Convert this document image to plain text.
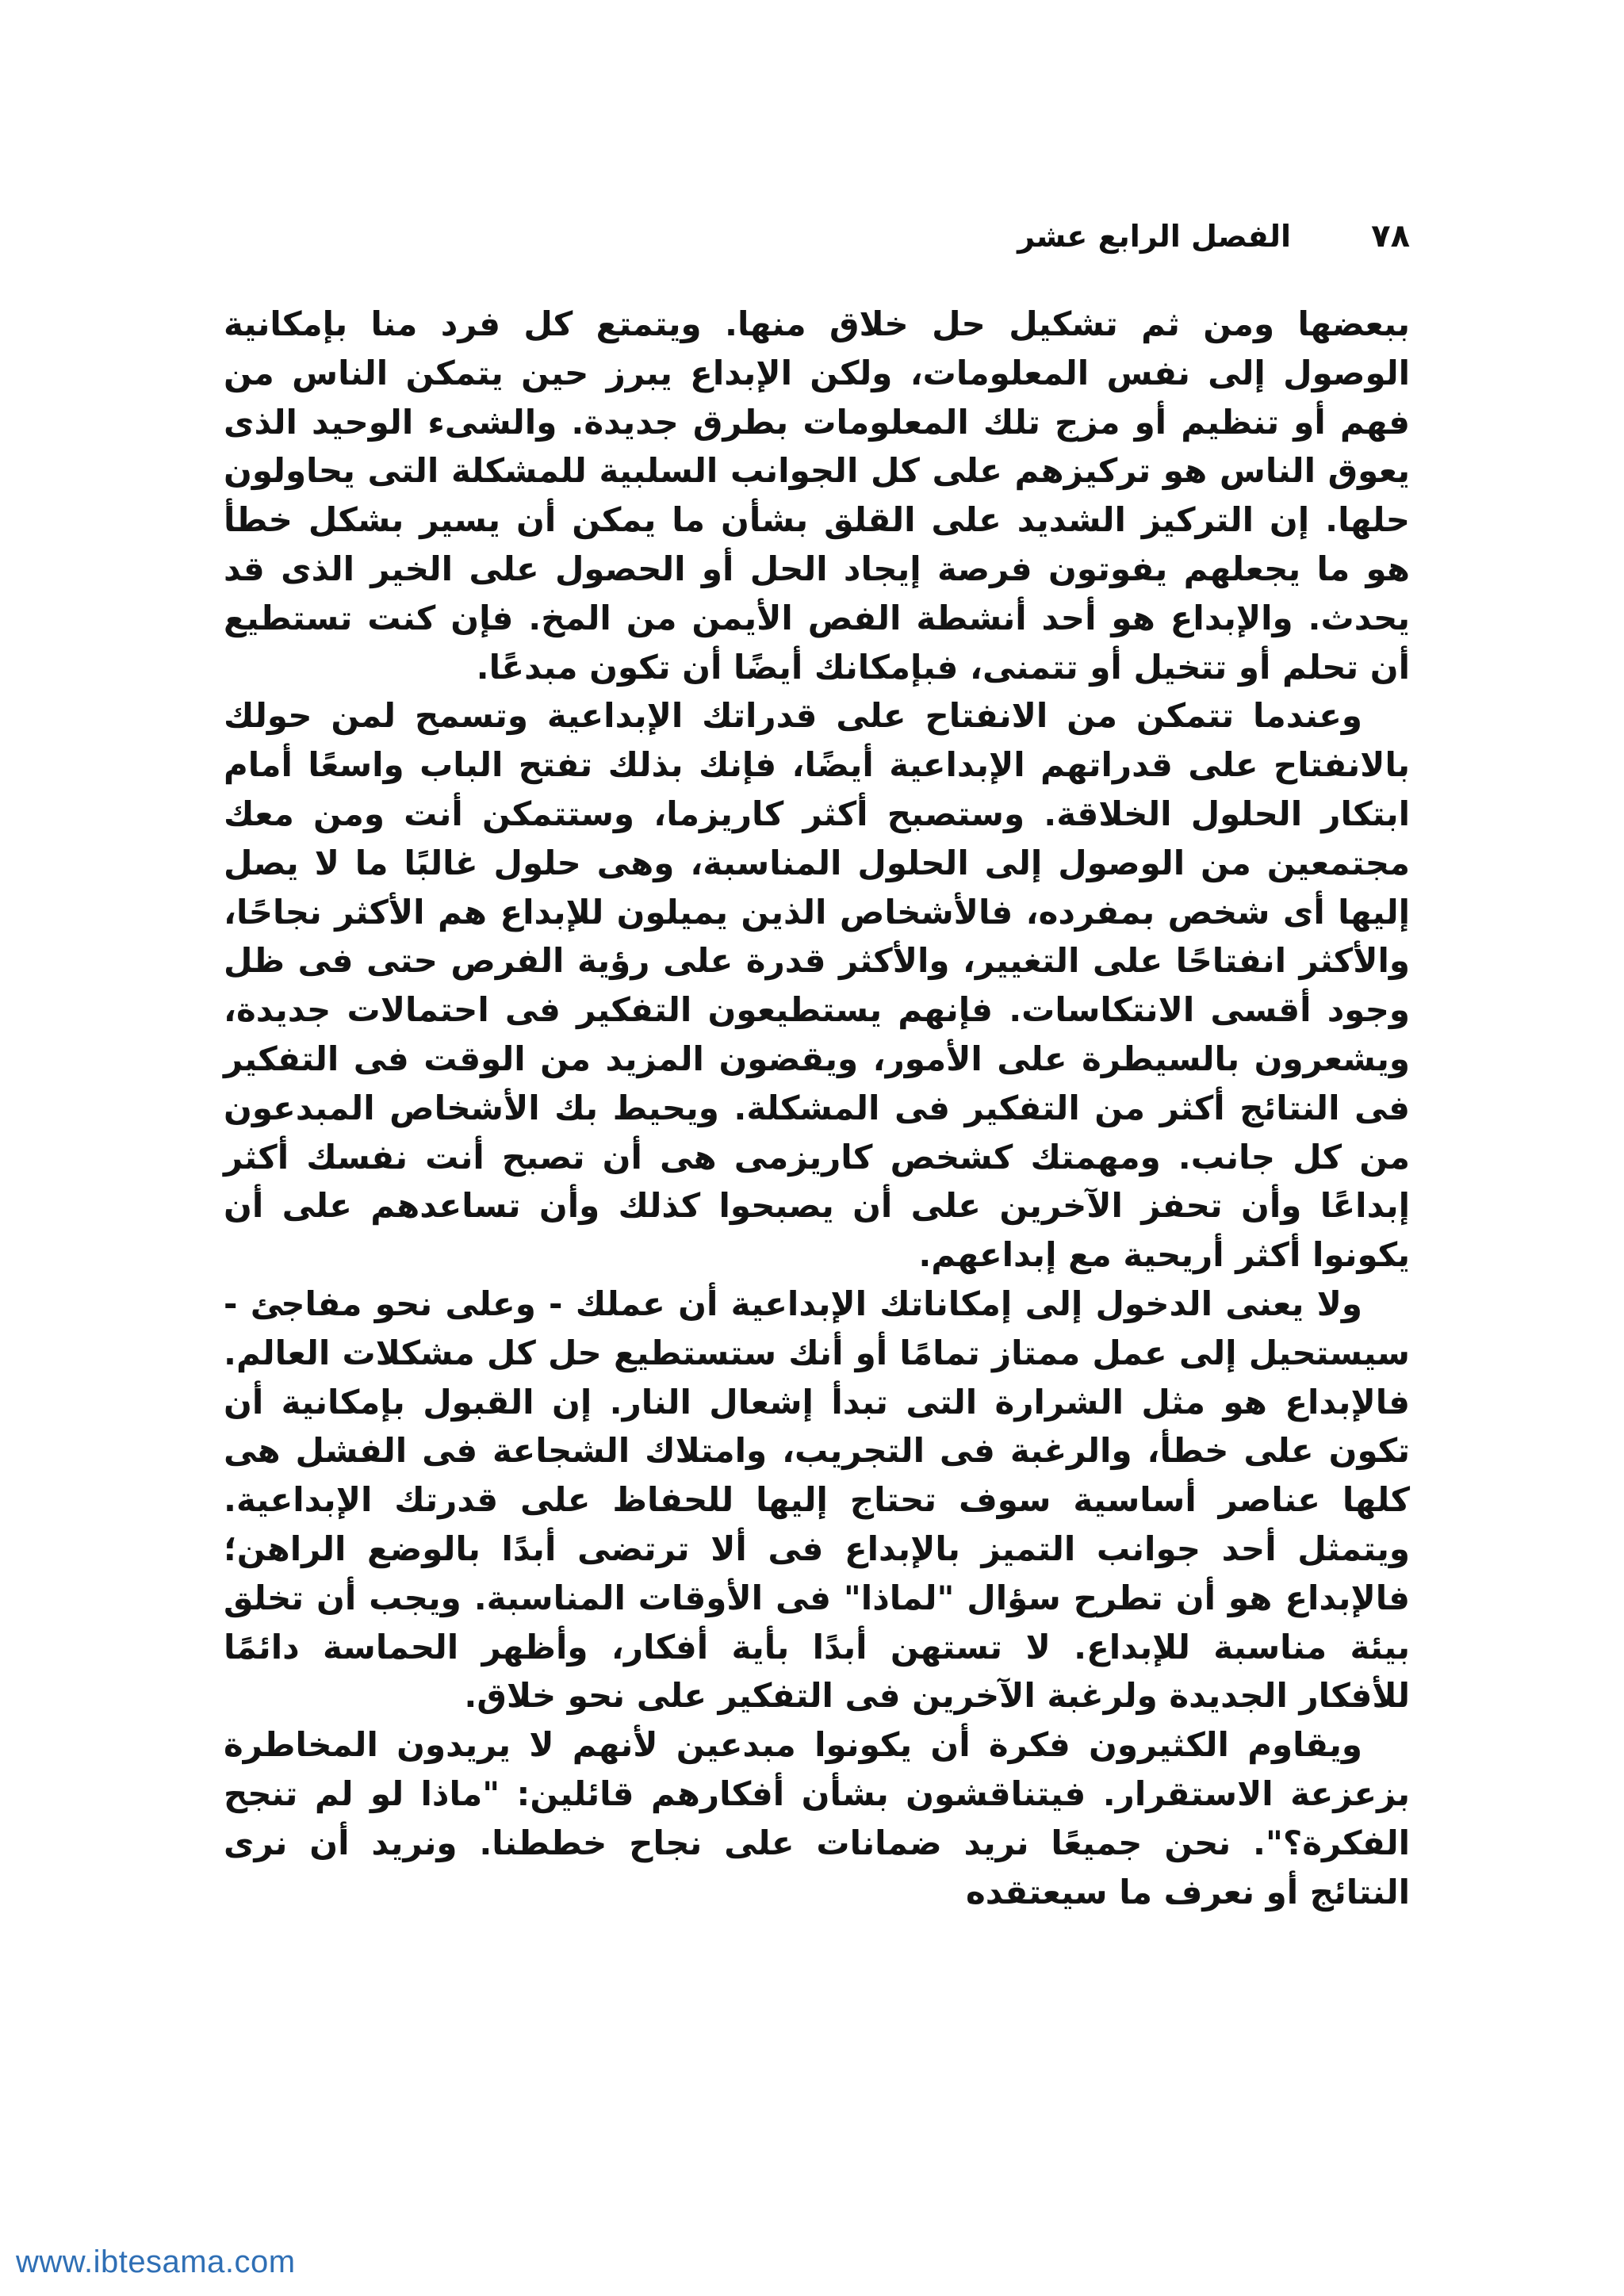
٧٨
الفصل الرابع عشر

ببعضها ومن ثم تشكيل حل خلاق منها. ويتمتع كل فرد منا بإمكانية الوصول إلى نفس المعلومات، ولكن الإبداع يبرز حين يتمكن الناس من فهم أو تنظيم أو مزج تلك المعلومات بطرق جديدة. والشىء الوحيد الذى يعوق الناس هو تركيزهم على كل الجوانب السلبية للمشكلة التى يحاولون حلها. إن التركيز الشديد على القلق بشأن ما يمكن أن يسير بشكل خطأ هو ما يجعلهم يفوتون فرصة إيجاد الحل أو الحصول على الخير الذى قد يحدث. والإبداع هو أحد أنشطة الفص الأيمن من المخ. فإن كنت تستطيع أن تحلم أو تتخيل أو تتمنى، فبإمكانك أيضًا أن تكون مبدعًا.

وعندما تتمكن من الانفتاح على قدراتك الإبداعية وتسمح لمن حولك بالانفتاح على قدراتهم الإبداعية أيضًا، فإنك بذلك تفتح الباب واسعًا أمام ابتكار الحلول الخلاقة. وستصبح أكثر كاريزما، وستتمكن أنت ومن معك مجتمعين من الوصول إلى الحلول المناسبة، وهى حلول غالبًا ما لا يصل إليها أى شخص بمفرده، فالأشخاص الذين يميلون للإبداع هم الأكثر نجاحًا، والأكثر انفتاحًا على التغيير، والأكثر قدرة على رؤية الفرص حتى فى ظل وجود أقسى الانتكاسات. فإنهم يستطيعون التفكير فى احتمالات جديدة، ويشعرون بالسيطرة على الأمور، ويقضون المزيد من الوقت فى التفكير فى النتائج أكثر من التفكير فى المشكلة. ويحيط بك الأشخاص المبدعون من كل جانب. ومهمتك كشخص كاريزمى هى أن تصبح أنت نفسك أكثر إبداعًا وأن تحفز الآخرين على أن يصبحوا كذلك وأن تساعدهم على أن يكونوا أكثر أريحية مع إبداعهم.

ولا يعنى الدخول إلى إمكاناتك الإبداعية أن عملك - وعلى نحو مفاجئ - سيستحيل إلى عمل ممتاز تمامًا أو أنك ستستطيع حل كل مشكلات العالم. فالإبداع هو مثل الشرارة التى تبدأ إشعال النار. إن القبول بإمكانية أن تكون على خطأ، والرغبة فى التجريب، وامتلاك الشجاعة فى الفشل هى كلها عناصر أساسية سوف تحتاج إليها للحفاظ على قدرتك الإبداعية. ويتمثل أحد جوانب التميز بالإبداع فى ألا ترتضى أبدًا بالوضع الراهن؛ فالإبداع هو أن تطرح سؤال "لماذا" فى الأوقات المناسبة. ويجب أن تخلق بيئة مناسبة للإبداع. لا تستهن أبدًا بأية أفكار، وأظهر الحماسة دائمًا للأفكار الجديدة ولرغبة الآخرين فى التفكير على نحو خلاق.

ويقاوم الكثيرون فكرة أن يكونوا مبدعين لأنهم لا يريدون المخاطرة بزعزعة الاستقرار. فيتناقشون بشأن أفكارهم قائلين: "ماذا لو لم تنجح الفكرة؟". نحن جميعًا نريد ضمانات على نجاح خططنا. ونريد أن نرى النتائج أو نعرف ما سيعتقده

www.ibtesama.com
